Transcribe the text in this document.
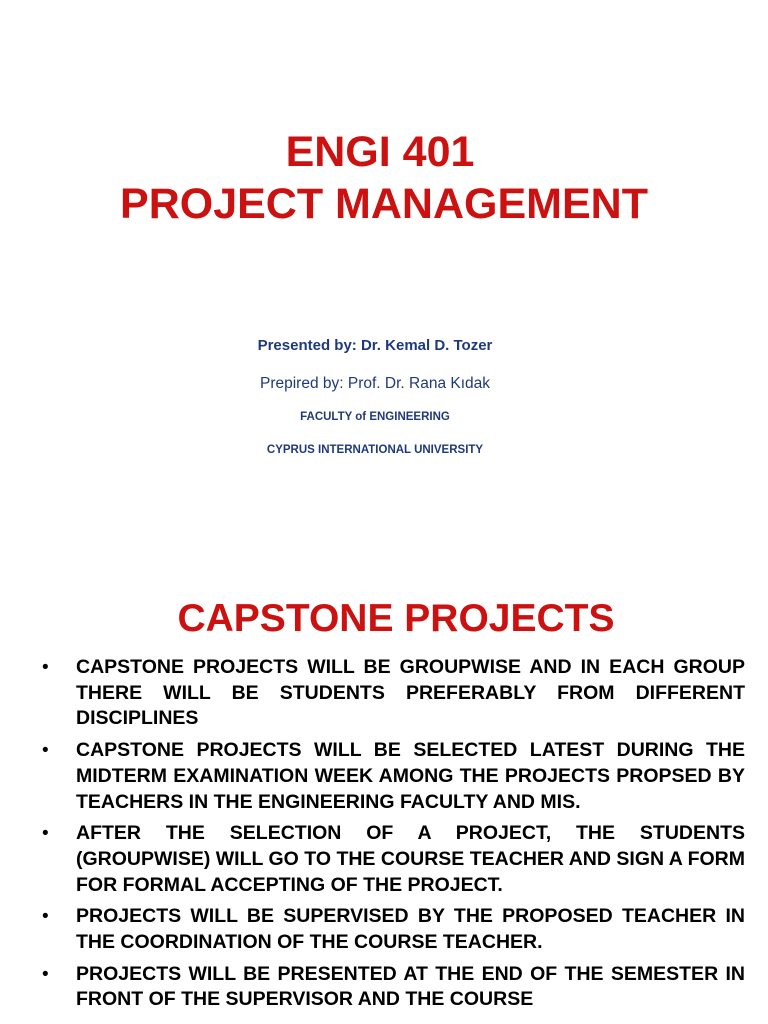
ENGI 401
PROJECT MANAGEMENT

Presented by: Dr. Kemal D. Tozer

Prepired by: Prof. Dr. Rana Kıdak

FACULTY of ENGINEERING

CYPRUS INTERNATIONAL UNIVERSITY

CAPSTONE PROJECTS
• CAPSTONE PROJECTS WILL BE GROUPWISE AND IN EACH GROUP THERE WILL BE STUDENTS PREFERABLY FROM DIFFERENT DISCIPLINES
• CAPSTONE PROJECTS WILL BE SELECTED LATEST DURING THE MIDTERM EXAMINATION WEEK AMONG THE PROJECTS PROPSED BY TEACHERS IN THE ENGINEERING FACULTY AND MIS.
• AFTER THE SELECTION OF A PROJECT, THE STUDENTS (GROUPWISE) WILL GO TO THE COURSE TEACHER AND SIGN A FORM FOR FORMAL ACCEPTING OF THE PROJECT.
• PROJECTS WILL BE SUPERVISED BY THE PROPOSED TEACHER IN THE COORDINATION OF THE COURSE TEACHER.
• PROJECTS WILL BE PRESENTED AT THE END OF THE SEMESTER IN FRONT OF THE SUPERVISOR AND THE COURSE
